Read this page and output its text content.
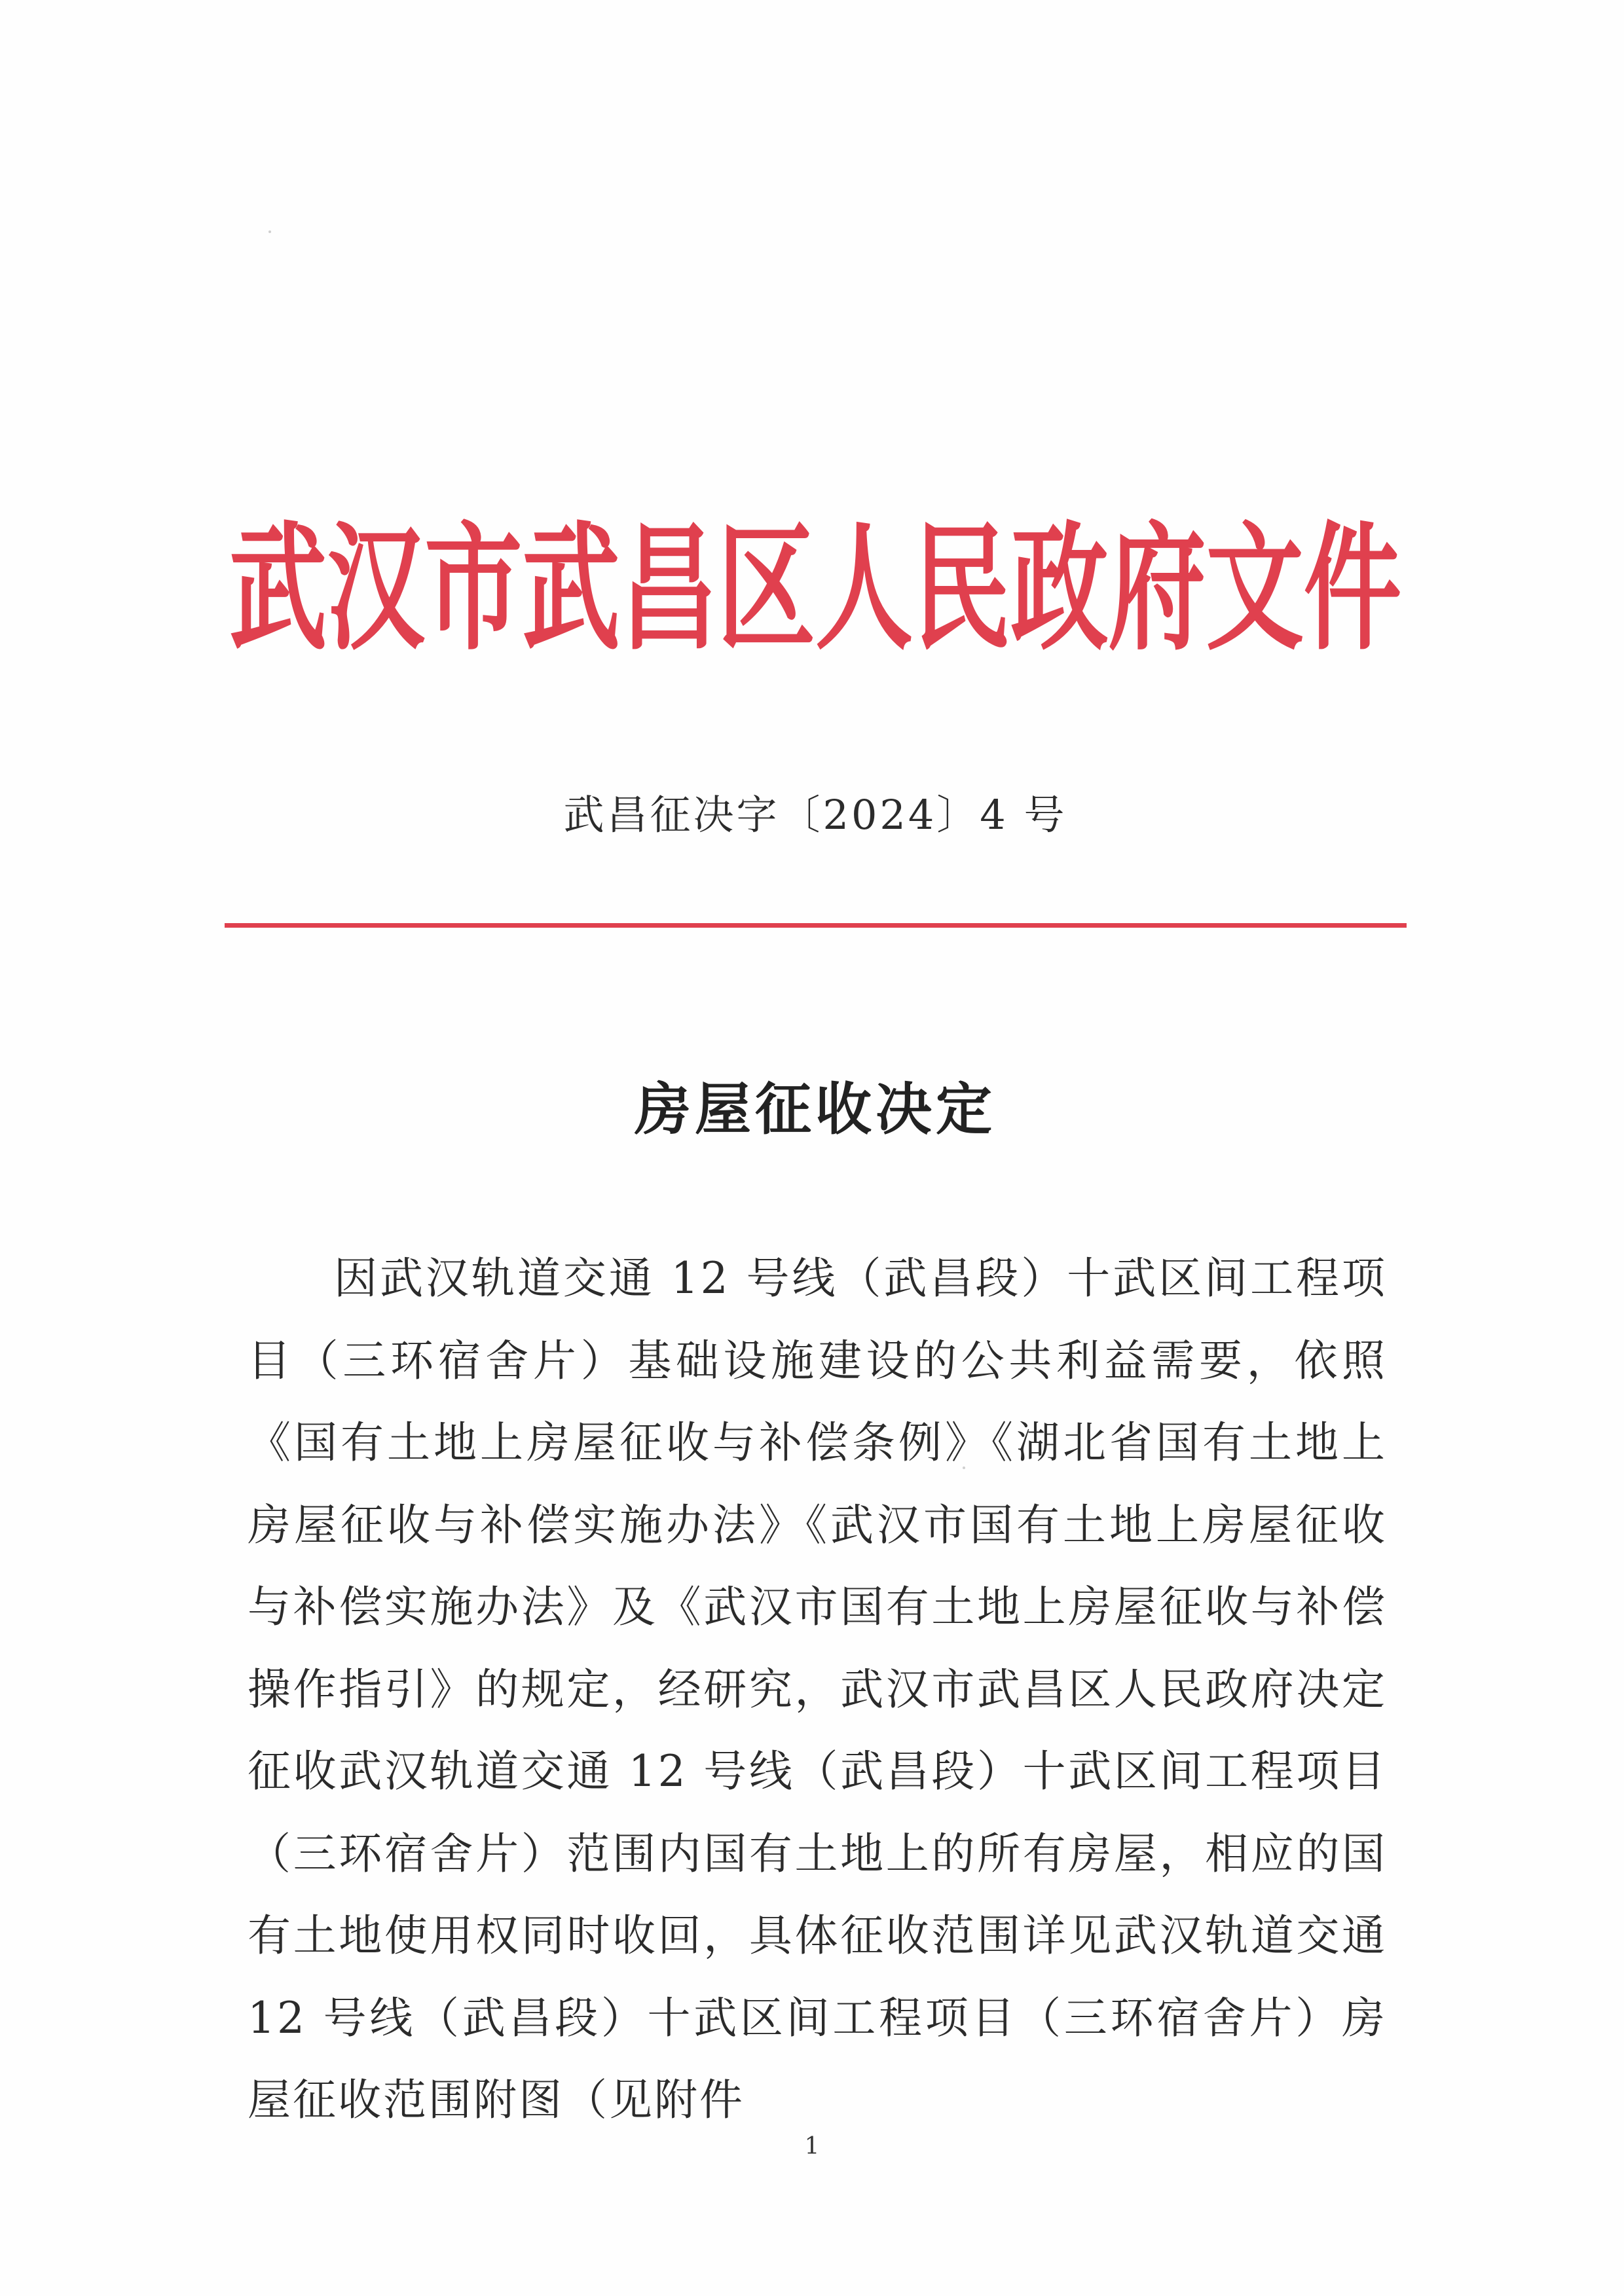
武汉市武昌区人民政府文件
武昌征决字〔2024〕4 号
房屋征收决定

因武汉轨道交通 12 号线（武昌段）十武区间工程项目（三环宿舍片）基础设施建设的公共利益需要，依照《国有土地上房屋征收与补偿条例》《湖北省国有土地上房屋征收与补偿实施办法》《武汉市国有土地上房屋征收与补偿实施办法》及《武汉市国有土地上房屋征收与补偿操作指引》的规定，经研究，武汉市武昌区人民政府决定征收武汉轨道交通 12 号线（武昌段）十武区间工程项目（三环宿舍片）范围内国有土地上的所有房屋，相应的国有土地使用权同时收回，具体征收范围详见武汉轨道交通 12 号线（武昌段）十武区间工程项目（三环宿舍片）房屋征收范围附图（见附件

1
